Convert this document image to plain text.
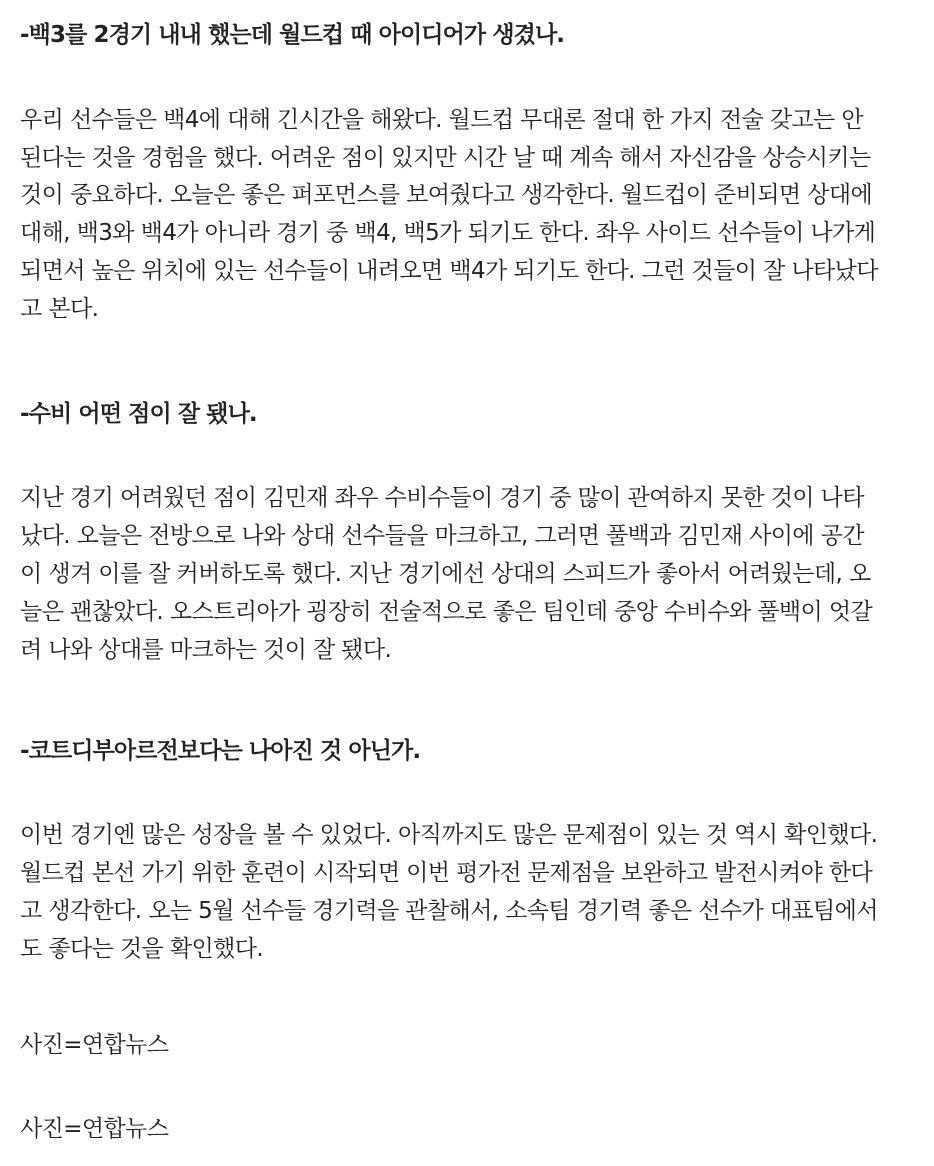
-백3를 2경기 내내 했는데 월드컵 때 아이디어가 생겼나.

우리 선수들은 백4에 대해 긴시간을 해왔다. 월드컵 무대론 절대 한 가지 전술 갖고는 안

된다는 것을 경험을 했다. 어려운 점이 있지만 시간 날 때 계속 해서 자신감을 상승시키는

것이 중요하다. 오늘은 좋은 퍼포먼스를 보여줬다고 생각한다. 월드컵이 준비되면 상대에

대해, 백3와 백4가 아니라 경기 중 백4, 백5가 되기도 한다. 좌우 사이드 선수들이 나가게

되면서 높은 위치에 있는 선수들이 내려오면 백4가 되기도 한다. 그런 것들이 잘 나타났다

고 본다.

-수비 어떤 점이 잘 됐나.

지난 경기 어려웠던 점이 김민재 좌우 수비수들이 경기 중 많이 관여하지 못한 것이 나타

났다. 오늘은 전방으로 나와 상대 선수들을 마크하고, 그러면 풀백과 김민재 사이에 공간

이 생겨 이를 잘 커버하도록 했다. 지난 경기에선 상대의 스피드가 좋아서 어려웠는데, 오

늘은 괜찮았다. 오스트리아가 굉장히 전술적으로 좋은 팀인데 중앙 수비수와 풀백이 엇갈

려 나와 상대를 마크하는 것이 잘 됐다.

-코트디부아르전보다는 나아진 것 아닌가.

이번 경기엔 많은 성장을 볼 수 있었다. 아직까지도 많은 문제점이 있는 것 역시 확인했다.

월드컵 본선 가기 위한 훈련이 시작되면 이번 평가전 문제점을 보완하고 발전시켜야 한다

고 생각한다. 오는 5월 선수들 경기력을 관찰해서, 소속팀 경기력 좋은 선수가 대표팀에서

도 좋다는 것을 확인했다.

사진=연합뉴스

사진=연합뉴스
